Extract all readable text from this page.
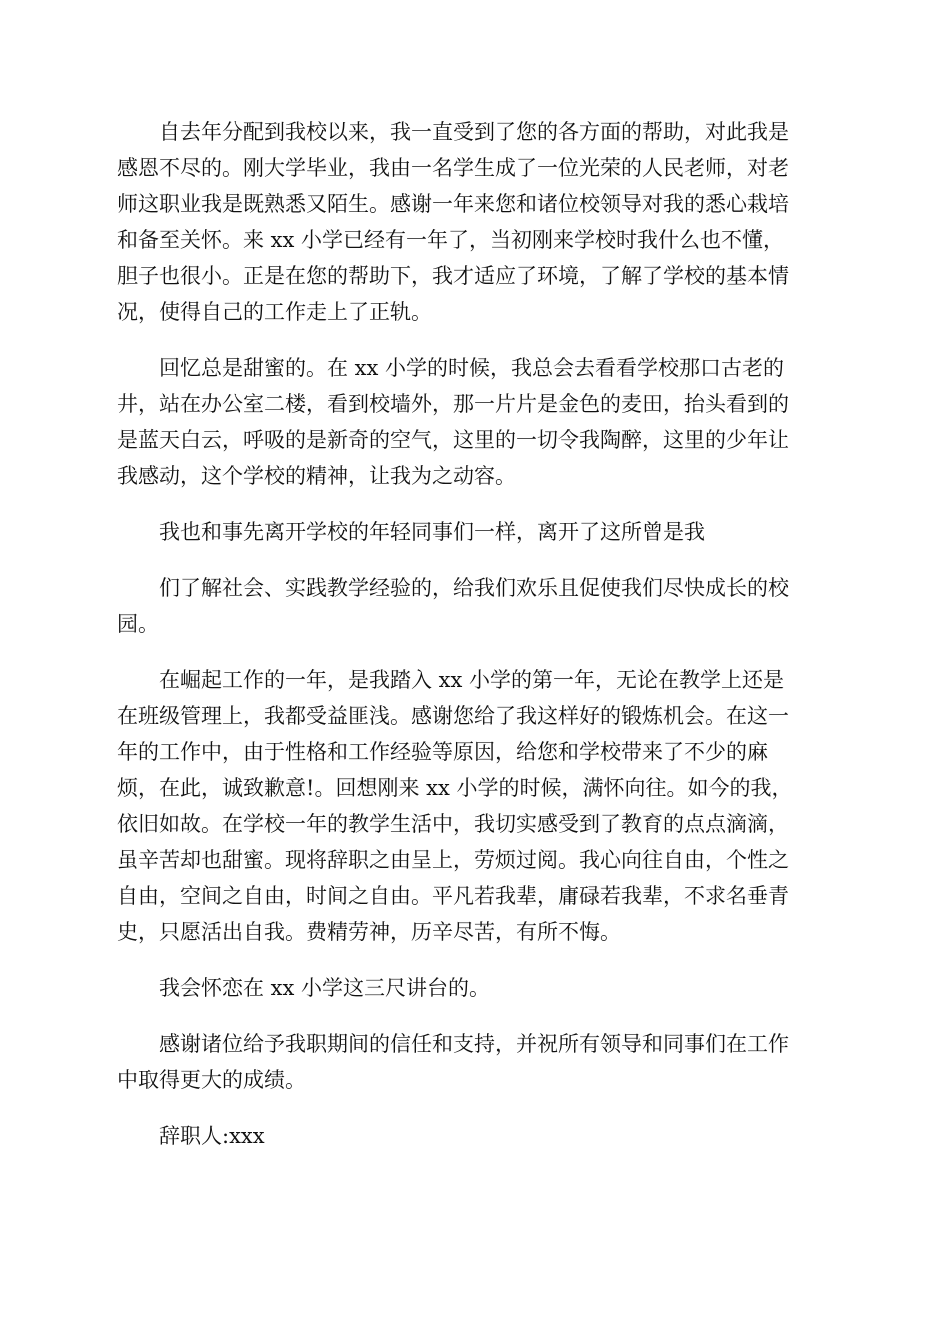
自去年分配到我校以来，我一直受到了您的各方面的帮助，对此我是
感恩不尽的。刚大学毕业，我由一名学生成了一位光荣的人民老师，对老
师这职业我是既熟悉又陌生。感谢一年来您和诸位校领导对我的悉心栽培
和备至关怀。来 xx 小学已经有一年了，当初刚来学校时我什么也不懂，
胆子也很小。正是在您的帮助下，我才适应了环境，了解了学校的基本情
况，使得自己的工作走上了正轨。

回忆总是甜蜜的。在 xx 小学的时候，我总会去看看学校那口古老的
井，站在办公室二楼，看到校墙外，那一片片是金色的麦田，抬头看到的
是蓝天白云，呼吸的是新奇的空气，这里的一切令我陶醉，这里的少年让
我感动，这个学校的精神，让我为之动容。

我也和事先离开学校的年轻同事们一样，离开了这所曾是我

们了解社会、实践教学经验的，给我们欢乐且促使我们尽快成长的校
园。

在崛起工作的一年，是我踏入 xx 小学的第一年，无论在教学上还是
在班级管理上，我都受益匪浅。感谢您给了我这样好的锻炼机会。在这一
年的工作中，由于性格和工作经验等原因，给您和学校带来了不少的麻
烦，在此，诚致歉意!。回想刚来 xx 小学的时候，满怀向往。如今的我，
依旧如故。在学校一年的教学生活中，我切实感受到了教育的点点滴滴，
虽辛苦却也甜蜜。现将辞职之由呈上，劳烦过阅。我心向往自由，个性之
自由，空间之自由，时间之自由。平凡若我辈，庸碌若我辈，不求名垂青
史，只愿活出自我。费精劳神，历辛尽苦，有所不悔。

我会怀恋在 xx 小学这三尺讲台的。

感谢诸位给予我职期间的信任和支持，并祝所有领导和同事们在工作
中取得更大的成绩。

辞职人:xxx
